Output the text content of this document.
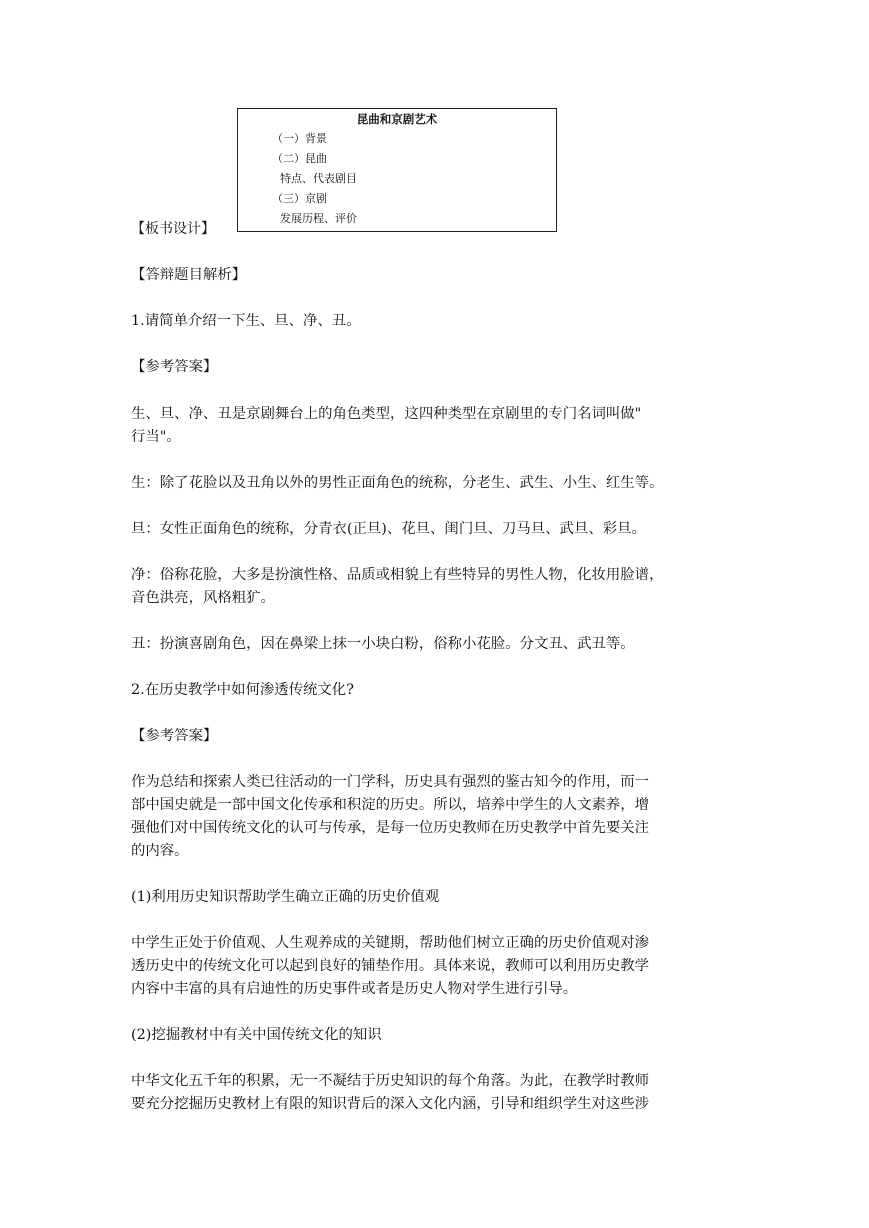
【板书设计】
昆曲和京剧艺术
（一）背景
（二）昆曲
特点、代表剧目
（三）京剧
发展历程、评价
【答辩题目解析】
1.请简单介绍一下生、旦、净、丑。
【参考答案】
生、旦、净、丑是京剧舞台上的角色类型，这四种类型在京剧里的专门名词叫做"
行当"。
生：除了花脸以及丑角以外的男性正面角色的统称，分老生、武生、小生、红生等。
旦：女性正面角色的统称，分青衣(正旦)、花旦、闺门旦、刀马旦、武旦、彩旦。
净：俗称花脸，大多是扮演性格、品质或相貌上有些特异的男性人物，化妆用脸谱，
音色洪亮，风格粗犷。
丑：扮演喜剧角色，因在鼻梁上抹一小块白粉，俗称小花脸。分文丑、武丑等。
2.在历史教学中如何渗透传统文化?
【参考答案】
作为总结和探索人类已往活动的一门学科，历史具有强烈的鉴古知今的作用，而一
部中国史就是一部中国文化传承和积淀的历史。所以，培养中学生的人文素养，增
强他们对中国传统文化的认可与传承，是每一位历史教师在历史教学中首先要关注
的内容。
(1)利用历史知识帮助学生确立正确的历史价值观
中学生正处于价值观、人生观养成的关键期，帮助他们树立正确的历史价值观对渗
透历史中的传统文化可以起到良好的铺垫作用。具体来说，教师可以利用历史教学
内容中丰富的具有启迪性的历史事件或者是历史人物对学生进行引导。
(2)挖掘教材中有关中国传统文化的知识
中华文化五千年的积累，无一不凝结于历史知识的每个角落。为此，在教学时教师
要充分挖掘历史教材上有限的知识背后的深入文化内涵，引导和组织学生对这些涉
